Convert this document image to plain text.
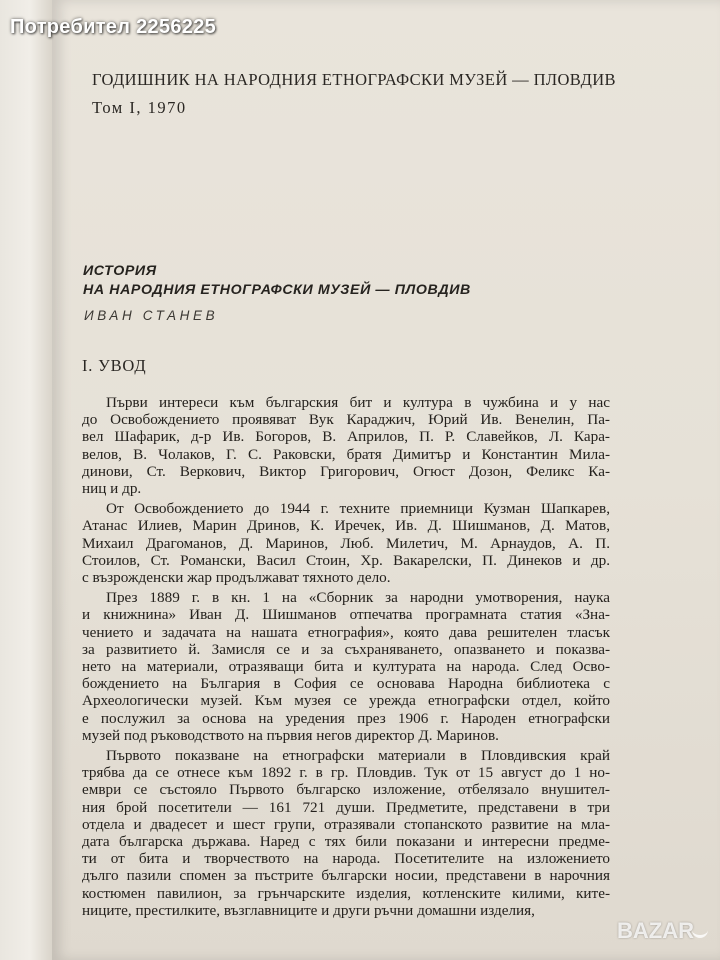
Потребител 2256225
ГОДИШНИК НА НАРОДНИЯ ЕТНОГРАФСКИ МУЗЕЙ — ПЛОВДИВ
Том I, 1970
ИСТОРИЯ
НА НАРОДНИЯ ЕТНОГРАФСКИ МУЗЕЙ — ПЛОВДИВ
ИВАН СТАНЕВ
I. УВОД

Първи интереси към българския бит и култура в чужбина и у нас
до Освобождението проявяват Вук Караджич, Юрий Ив. Венелин, Па-
вел Шафарик, д-р Ив. Богоров, В. Априлов, П. Р. Славейков, Л. Кара-
велов, В. Чолаков, Г. С. Раковски, братя Димитър и Константин Мила-
динови, Ст. Веркович, Виктор Григорович, Огюст Дозон, Феликс Ка-
ниц и др.

От Освобождението до 1944 г. техните приемници Кузман Шапкарев,
Атанас Илиев, Марин Дринов, К. Иречек, Ив. Д. Шишманов, Д. Матов,
Михаил Драгоманов, Д. Маринов, Люб. Милетич, М. Арнаудов, А. П.
Стоилов, Ст. Романски, Васил Стоин, Хр. Вакарелски, П. Динеков и др.
с възрожденски жар продължават тяхното дело.

През 1889 г. в кн. 1 на «Сборник за народни умотворения, наука
и книжнина» Иван Д. Шишманов отпечатва програмната статия «Зна-
чението и задачата на нашата етнография», която дава решителен тласък
за развитието й. Замисля се и за съхраняването, опазването и показва-
нето на материали, отразяващи бита и културата на народа. След Осво-
бождението на България в София се основава Народна библиотека с
Археологически музей. Към музея се урежда етнографски отдел, който
е послужил за основа на уредения през 1906 г. Народен етнографски
музей под ръководството на първия негов директор Д. Маринов.

Първото показване на етнографски материали в Пловдивския край
трябва да се отнесе към 1892 г. в гр. Пловдив. Тук от 15 август до 1 но-
ември се състояло Първото българско изложение, отбелязало внушител-
ния брой посетители — 161 721 души. Предметите, представени в три
отдела и двадесет и шест групи, отразявали стопанското развитие на мла-
дата българска държава. Наред с тях били показани и интересни предме-
ти от бита и творчеството на народа. Посетителите на изложението
дълго пазили спомен за пъстрите български носии, представени в нарочния
костюмен павилион, за грънчарските изделия, котленските килими, ките-
ниците, престилките, възглавниците и други ръчни домашни изделия,

BAZAR
